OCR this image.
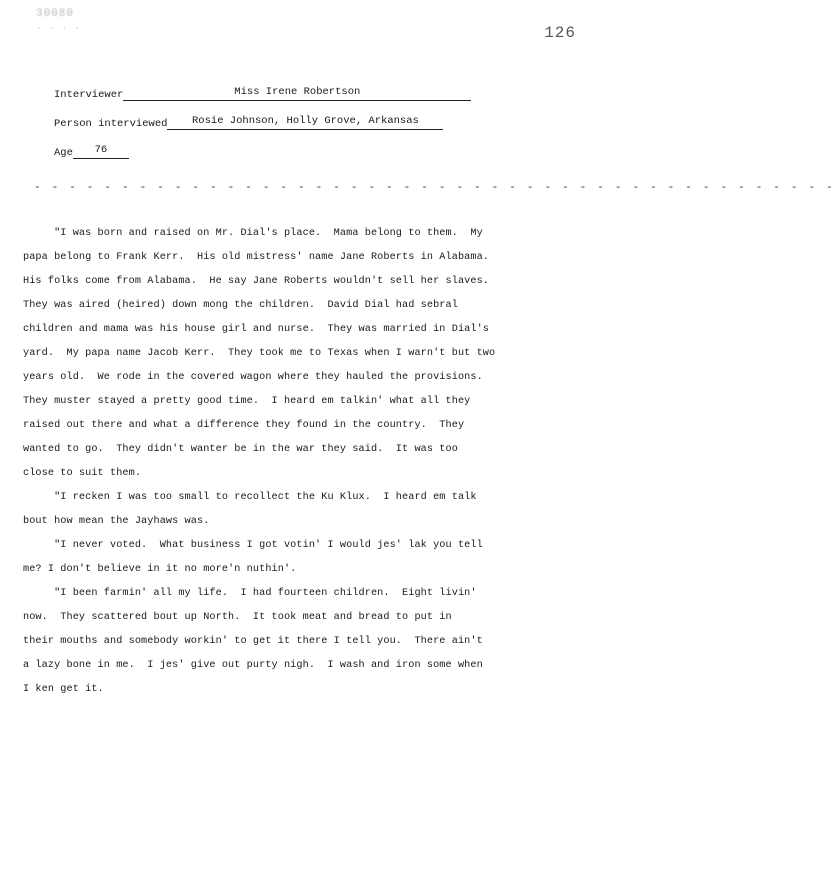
30080
· · · ·	126
Interviewer	Miss Irene Robertson
Person interviewed	Rosie Johnson, Holly Grove, Arkansas
Age	76
- - - - - - - - - - - - - - - - - - - - - - - - - - - - - - - - - - - - - - - - - - - - - -
"I was born and raised on Mr. Dial's place.  Mama belong to them.  My
papa belong to Frank Kerr.  His old mistress' name Jane Roberts in Alabama.
His folks come from Alabama.  He say Jane Roberts wouldn't sell her slaves.
They was aired (heired) down mong the children.  David Dial had sebral
children and mama was his house girl and nurse.  They was married in Dial's
yard.  My papa name Jacob Kerr.  They took me to Texas when I warn't but two
years old.  We rode in the covered wagon where they hauled the provisions.
They muster stayed a pretty good time.  I heard em talkin' what all they
raised out there and what a difference they found in the country.  They
wanted to go.  They didn't wanter be in the war they said.  It was too
close to suit them.
"I recken I was too small to recollect the Ku Klux.  I heard em talk
bout how mean the Jayhaws was.
"I never voted.  What business I got votin' I would jes' lak you tell
me? I don't believe in it no more'n nuthin'.
"I been farmin' all my life.  I had fourteen children.  Eight livin'
now.  They scattered bout up North.  It took meat and bread to put in
their mouths and somebody workin' to get it there I tell you.  There ain't
a lazy bone in me.  I jes' give out purty nigh.  I wash and iron some when
I ken get it.
